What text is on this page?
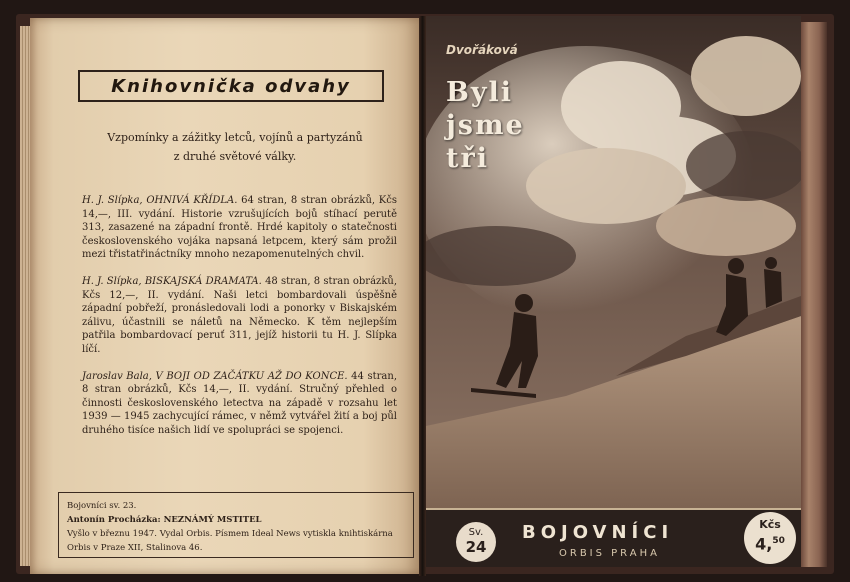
Knihovnička odvahy
Vzpomínky a zážitky letců, vojínů a partyzánů
z druhé světové války.
H. J. Slípka, OHNIVÁ KŘÍDLA. 64 stran, 8 stran obrázků, Kčs 14,—, III. vydání. Historie vzrušujících bojů stíhací perutě 313, zasazené na západní frontě. Hrdé kapitoly o statečnosti československého vojáka napsaná letpcem, který sám prožil mezi třistatřináctníky mnoho nezapomenutelných chvil.
H. J. Slípka, BISKAJSKÁ DRAMATA. 48 stran, 8 stran obrázků, Kčs 12,—, II. vydání. Naši letci bombardovali úspěšně západní pobřeží, pronásledovali lodi a ponorky v Biskajském zálivu, účastnili se náletů na Německo. K těm nejlepším patřila bombardovací peruť 311, jejíž historii tu H. J. Slípka líčí.
Jaroslav Bala, V BOJI OD ZAČÁTKU AŽ DO KONCE. 44 stran, 8 stran obrázků, Kčs 14,—, II. vydání. Stručný přehled o činnosti československého letectva na západě v rozsahu let 1939 — 1945 zachycující rámec, v němž vytvářel žití a boj půl druhého tisíce našich lidí ve spolupráci se spojenci.
Bojovníci sv. 23.
Antonín Procházka: NEZNÁMÝ MSTITEL
Vyšlo v březnu 1947. Vydal Orbis. Písmem Ideal News vytiskla knihtiskárna
Orbis v Praze XII, Stalinova 46.
Dvořáková
Byli
jsme
tři
Sv.
24
BOJOVNÍCI
ORBIS PRAHA
Kčs
4,50
